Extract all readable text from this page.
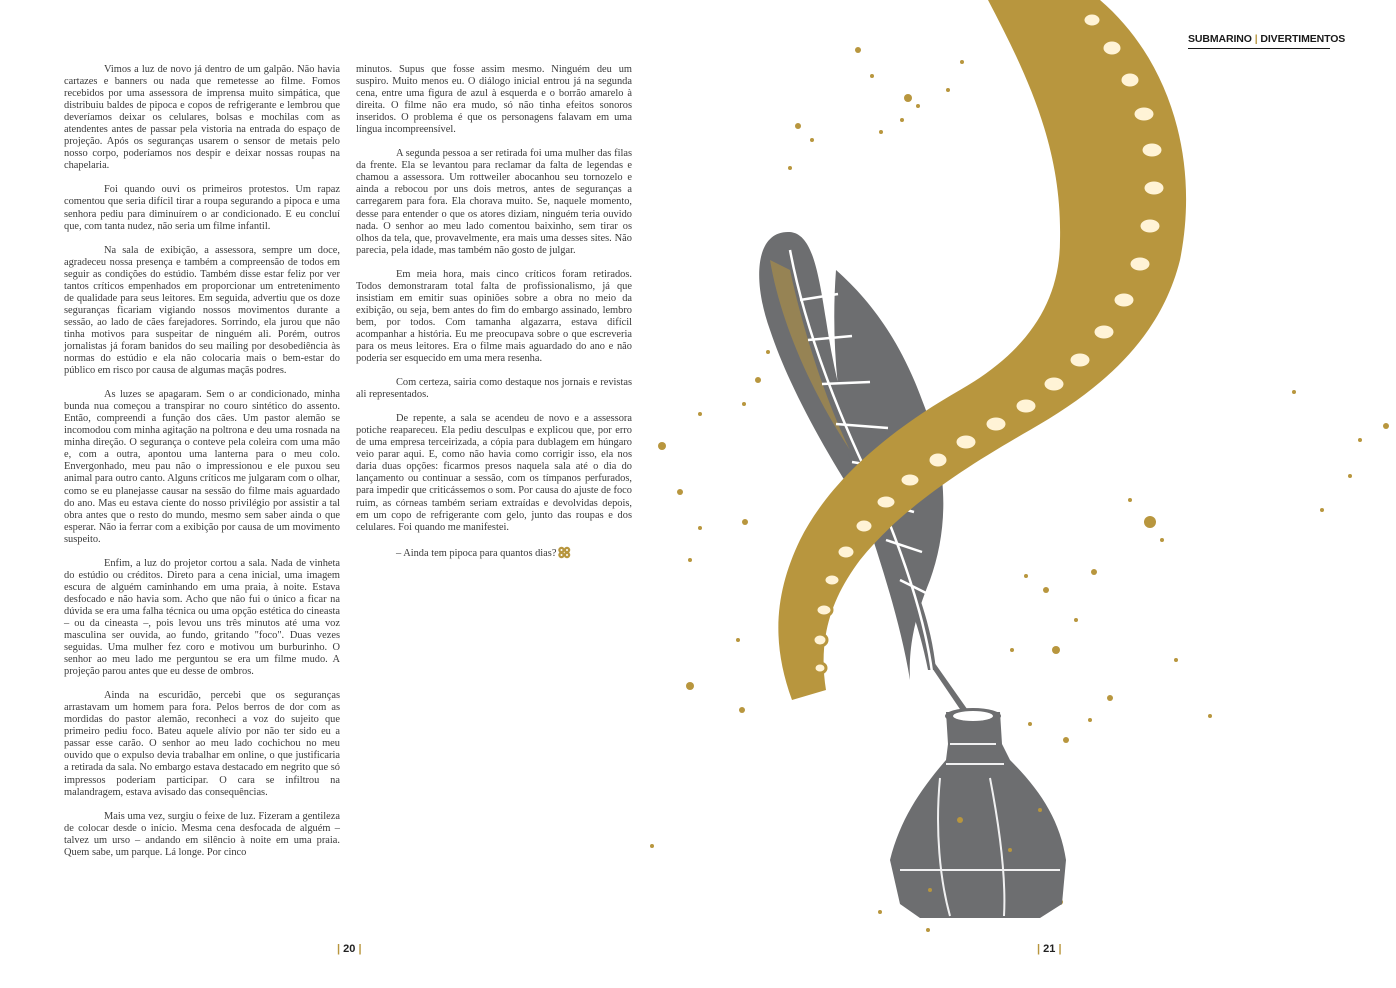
Vimos a luz de novo já dentro de um galpão. Não havia cartazes e banners ou nada que remetesse ao filme. Fomos recebidos por uma assessora de imprensa muito simpática, que distribuiu baldes de pipoca e copos de refrigerante e lembrou que deveríamos deixar os celulares, bolsas e mochilas com as atendentes antes de passar pela vistoria na entrada do espaço de projeção. Após os seguranças usarem o sensor de metais pelo nosso corpo, poderíamos nos despir e deixar nossas roupas na chapelaria.

Foi quando ouvi os primeiros protestos. Um rapaz comentou que seria difícil tirar a roupa segurando a pipoca e uma senhora pediu para diminuírem o ar condicionado. E eu concluí que, com tanta nudez, não seria um filme infantil.

Na sala de exibição, a assessora, sempre um doce, agradeceu nossa presença e também a compreensão de todos em seguir as condições do estúdio. Também disse estar feliz por ver tantos críticos empenhados em proporcionar um entretenimento de qualidade para seus leitores. Em seguida, advertiu que os doze seguranças ficariam vigiando nossos movimentos durante a sessão, ao lado de cães farejadores. Sorrindo, ela jurou que não tinha motivos para suspeitar de ninguém ali. Porém, outros jornalistas já foram banidos do seu mailing por desobediência às normas do estúdio e ela não colocaria mais o bem-estar do público em risco por causa de algumas maçãs podres.

As luzes se apagaram. Sem o ar condicionado, minha bunda nua começou a transpirar no couro sintético do assento. Então, compreendi a função dos cães. Um pastor alemão se incomodou com minha agitação na poltrona e deu uma rosnada na minha direção. O segurança o conteve pela coleira com uma mão e, com a outra, apontou uma lanterna para o meu colo. Envergonhado, meu pau não o impressionou e ele puxou seu animal para outro canto. Alguns críticos me julgaram com o olhar, como se eu planejasse causar na sessão do filme mais aguardado do ano. Mas eu estava ciente do nosso privilégio por assistir a tal obra antes que o resto do mundo, mesmo sem saber ainda o que esperar. Não ia ferrar com a exibição por causa de um movimento suspeito.

Enfim, a luz do projetor cortou a sala. Nada de vinheta do estúdio ou créditos. Direto para a cena inicial, uma imagem escura de alguém caminhando em uma praia, à noite. Estava desfocado e não havia som. Acho que não fui o único a ficar na dúvida se era uma falha técnica ou uma opção estética do cineasta – ou da cineasta –, pois levou uns três minutos até uma voz masculina ser ouvida, ao fundo, gritando "foco". Duas vezes seguidas. Uma mulher fez coro e motivou um burburinho. O senhor ao meu lado me perguntou se era um filme mudo. A projeção parou antes que eu desse de ombros.

Ainda na escuridão, percebi que os seguranças arrastavam um homem para fora. Pelos berros de dor com as mordidas do pastor alemão, reconheci a voz do sujeito que primeiro pediu foco. Bateu aquele alívio por não ter sido eu a passar esse carão. O senhor ao meu lado cochichou no meu ouvido que o expulso devia trabalhar em online, o que justificaria a retirada da sala. No embargo estava destacado em negrito que só impressos poderiam participar. O cara se infiltrou na malandragem, estava avisado das consequências.

Mais uma vez, surgiu o feixe de luz. Fizeram a gentileza de colocar desde o início. Mesma cena desfocada de alguém – talvez um urso – andando em silêncio à noite em uma praia. Quem sabe, um parque. Lá longe. Por cinco

minutos. Supus que fosse assim mesmo. Ninguém deu um suspiro. Muito menos eu. O diálogo inicial entrou já na segunda cena, entre uma figura de azul à esquerda e o borrão amarelo à direita. O filme não era mudo, só não tinha efeitos sonoros inseridos. O problema é que os personagens falavam em uma língua incompreensível.

A segunda pessoa a ser retirada foi uma mulher das filas da frente. Ela se levantou para reclamar da falta de legendas e chamou a assessora. Um rottweiler abocanhou seu tornozelo e ainda a rebocou por uns dois metros, antes de seguranças a carregarem para fora. Ela chorava muito. Se, naquele momento, desse para entender o que os atores diziam, ninguém teria ouvido nada. O senhor ao meu lado comentou baixinho, sem tirar os olhos da tela, que, provavelmente, era mais uma desses sites. Não parecia, pela idade, mas também não gosto de julgar.

Em meia hora, mais cinco críticos foram retirados. Todos demonstraram total falta de profissionalismo, já que insistiam em emitir suas opiniões sobre a obra no meio da exibição, ou seja, bem antes do fim do embargo assinado, lembro bem, por todos. Com tamanha algazarra, estava difícil acompanhar a história. Eu me preocupava sobre o que escreveria para os meus leitores. Era o filme mais aguardado do ano e não poderia ser esquecido em uma mera resenha.

Com certeza, sairia como destaque nos jornais e revistas ali representados.

De repente, a sala se acendeu de novo e a assessora potiche reapareceu. Ela pediu desculpas e explicou que, por erro de uma empresa terceirizada, a cópia para dublagem em húngaro veio parar aqui. E, como não havia como corrigir isso, ela nos daria duas opções: ficarmos presos naquela sala até o dia do lançamento ou continuar a sessão, com os tímpanos perfurados, para impedir que criticássemos o som. Por causa do ajuste de foco ruim, as córneas também seriam extraídas e devolvidas depois, em um copo de refrigerante com gelo, junto das roupas e dos celulares. Foi quando me manifestei.

– Ainda tem pipoca para quantos dias?

| 20 |	| 21 |
SUBMARINO | DIVERTIMENTOS
